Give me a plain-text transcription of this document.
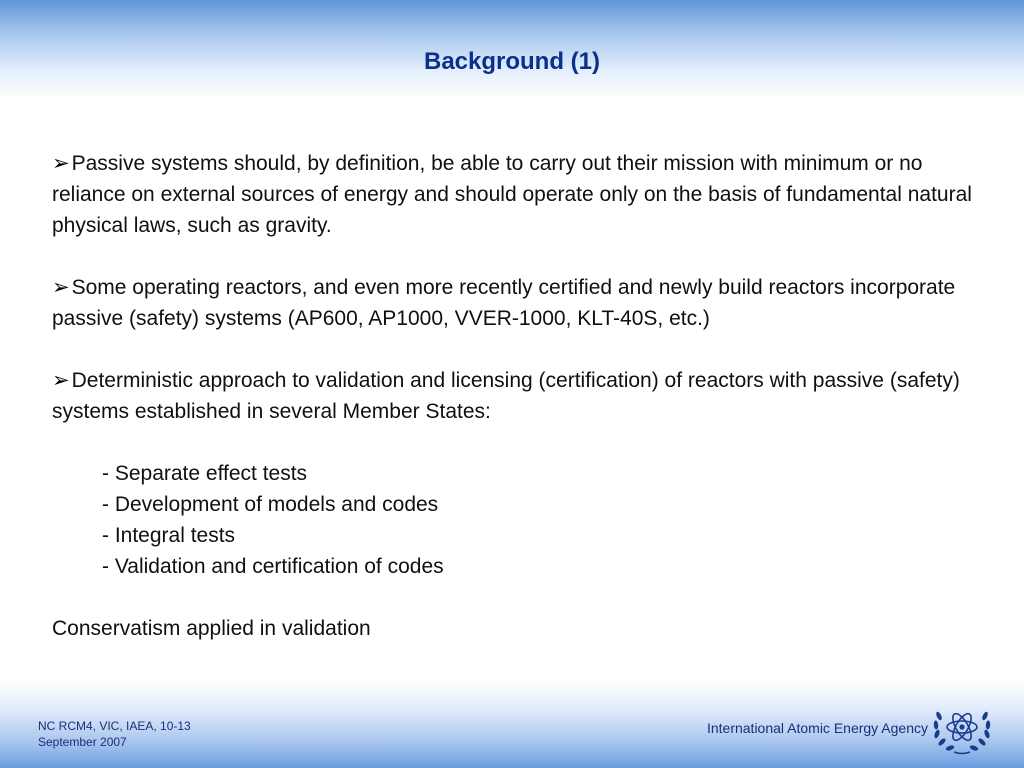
Background (1)

➢Passive systems should, by definition, be able to carry out their mission with minimum or no reliance on external sources of energy and should operate only on the basis of fundamental natural physical laws, such as gravity.

➢Some operating reactors, and even more recently certified and newly build reactors incorporate passive (safety) systems (AP600, AP1000, VVER-1000, KLT-40S, etc.)

➢Deterministic approach to validation and licensing (certification) of reactors with passive (safety) systems established in several Member States:

- Separate effect tests

- Development of models and codes

- Integral tests

- Validation and certification of codes

Conservatism applied in validation

NC RCM4, VIC, IAEA, 10-13
September 2007
International Atomic Energy Agency
